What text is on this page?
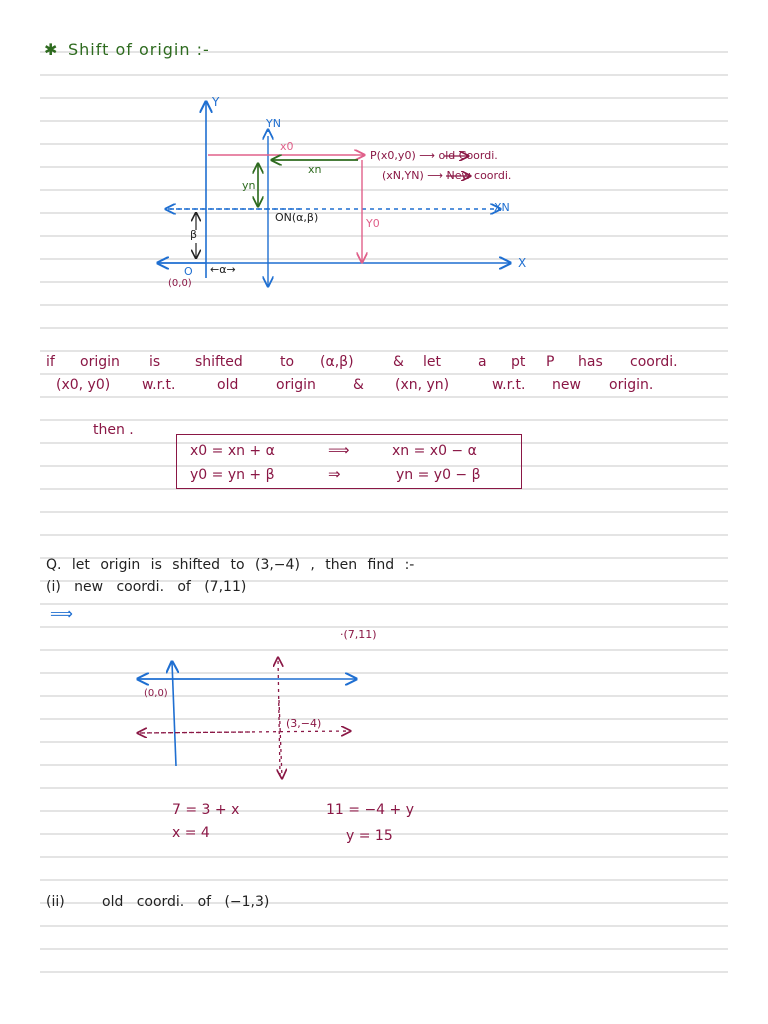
✱ Shift of origin :-
Y
YN
X
XN
O
(0,0)
ON(α,β)
x0
xn
yn
Y0
β
←α→
P(x0,y0) ⟶ old Coordi.
(xN,YN) ⟶ New coordi.
if origin is shifted	to (α,β)	& let	a pt P has coordi.
(x0, y0) w.r.t.	old	origin	& (xn, yn)	w.r.t. new origin.
then .
x0 = xn + α	⟹	xn = x0 − α
y0 = yn + β	⇒	yn = y0 − β
Q. let origin is shifted to (3,−4) , then find :-
(i)   new   coordi.   of   (7,11)
⟹
·(7,11)
(0,0)
(3,−4)
7 = 3 + x
x = 4
11 = −4 + y
y = 15
(ii)	old   coordi.   of   (−1,3)
